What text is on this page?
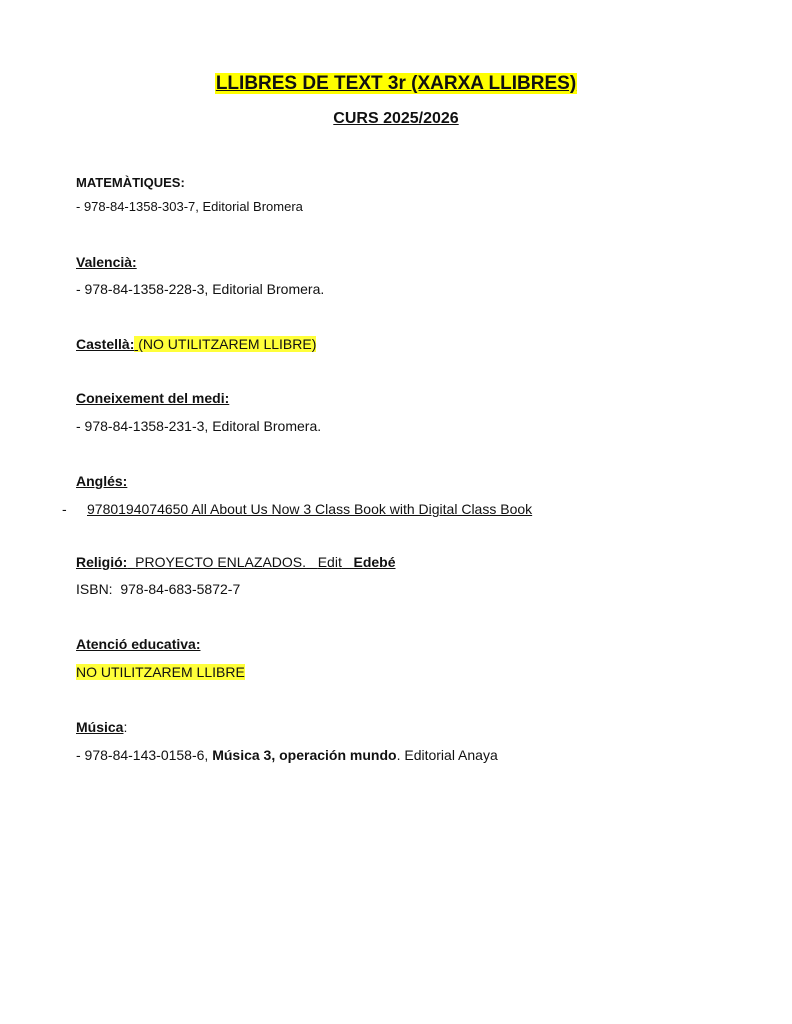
LLIBRES DE TEXT 3r (XARXA LLIBRES)
CURS 2025/2026
MATEMÀTIQUES:
- 978-84-1358-303-7, Editorial Bromera
Valencià:
- 978-84-1358-228-3, Editorial Bromera.
Castellà: (NO UTILITZAREM LLIBRE)
Coneixement del medi:
- 978-84-1358-231-3, Editoral Bromera.
Anglés:
- 9780194074650 All About Us Now 3 Class Book with Digital Class Book
Religió: PROYECTO ENLAZADOS. Edit Edebé
ISBN: 978-84-683-5872-7
Atenció educativa:
NO UTILITZAREM LLIBRE
Música:
- 978-84-143-0158-6, Música 3, operación mundo. Editorial Anaya
